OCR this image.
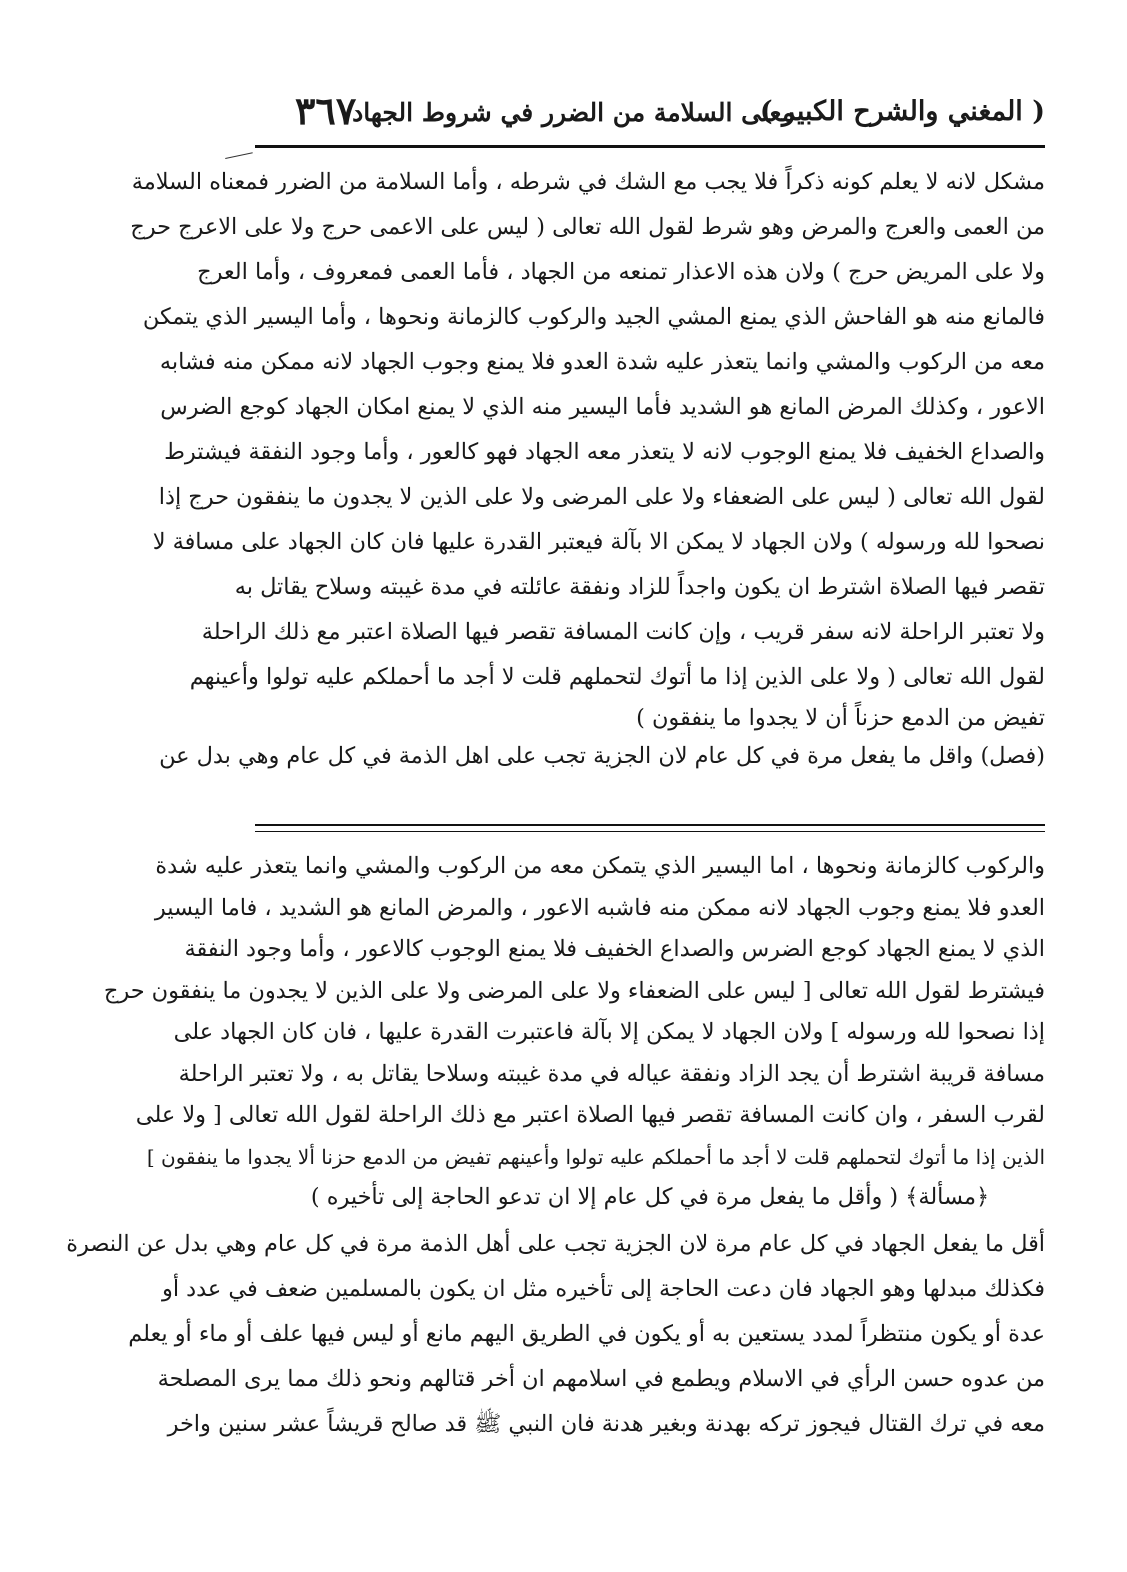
( المغني والشرح الكبير )
معنى السلامة من الضرر في شروط الجهاد
٣٦٧
مشكل لانه لا يعلم كونه ذكراً فلا يجب مع الشك في شرطه ، وأما السلامة من الضرر فمعناه السلامة
من العمى والعرج والمرض وهو شرط لقول الله تعالى ( ليس على الاعمى حرج ولا على الاعرج حرج
ولا على المريض حرج ) ولان هذه الاعذار تمنعه من الجهاد ، فأما العمى فمعروف ، وأما العرج
فالمانع منه هو الفاحش الذي يمنع المشي الجيد والركوب كالزمانة ونحوها ، وأما اليسير الذي يتمكن
معه من الركوب والمشي وانما يتعذر عليه شدة العدو فلا يمنع وجوب الجهاد لانه ممكن منه فشابه
الاعور ، وكذلك المرض المانع هو الشديد فأما اليسير منه الذي لا يمنع امكان الجهاد كوجع الضرس
والصداع الخفيف فلا يمنع الوجوب لانه لا يتعذر معه الجهاد فهو كالعور ، وأما وجود النفقة فيشترط
لقول الله تعالى ( ليس على الضعفاء ولا على المرضى ولا على الذين لا يجدون ما ينفقون حرج إذا
نصحوا لله ورسوله ) ولان الجهاد لا يمكن الا بآلة فيعتبر القدرة عليها فان كان الجهاد على مسافة لا
تقصر فيها الصلاة اشترط ان يكون واجداً للزاد ونفقة عائلته في مدة غيبته وسلاح يقاتل به
ولا تعتبر الراحلة لانه سفر قريب ، وإن كانت المسافة تقصر فيها الصلاة اعتبر مع ذلك الراحلة
لقول الله تعالى ( ولا على الذين إذا ما أتوك لتحملهم قلت لا أجد ما أحملكم عليه تولوا وأعينهم
تفيض من الدمع حزناً أن لا يجدوا ما ينفقون )
(فصل) واقل ما يفعل مرة في كل عام لان الجزية تجب على اهل الذمة في كل عام وهي بدل عن
والركوب كالزمانة ونحوها ، اما اليسير الذي يتمكن معه من الركوب والمشي وانما يتعذر عليه شدة
العدو فلا يمنع وجوب الجهاد لانه ممكن منه فاشبه الاعور ، والمرض المانع هو الشديد ، فاما اليسير
الذي لا يمنع الجهاد كوجع الضرس والصداع الخفيف فلا يمنع الوجوب كالاعور ، وأما وجود النفقة
فيشترط لقول الله تعالى [ ليس على الضعفاء ولا على المرضى ولا على الذين لا يجدون ما ينفقون حرج
إذا نصحوا لله ورسوله ] ولان الجهاد لا يمكن إلا بآلة فاعتبرت القدرة عليها ، فان كان الجهاد على
مسافة قريبة اشترط أن يجد الزاد ونفقة عياله في مدة غيبته وسلاحا يقاتل به ، ولا تعتبر الراحلة
لقرب السفر ، وان كانت المسافة تقصر فيها الصلاة اعتبر مع ذلك الراحلة لقول الله تعالى [ ولا على
الذين إذا ما أتوك لتحملهم قلت لا أجد ما أحملكم عليه تولوا وأعينهم تفيض من الدمع حزنا ألا يجدوا ما ينفقون ]
﴿مسألة﴾ ( وأقل ما يفعل مرة في كل عام إلا ان تدعو الحاجة إلى تأخيره )
أقل ما يفعل الجهاد في كل عام مرة لان الجزية تجب على أهل الذمة مرة في كل عام وهي بدل عن النصرة
فكذلك مبدلها وهو الجهاد فان دعت الحاجة إلى تأخيره مثل ان يكون بالمسلمين ضعف في عدد أو
عدة أو يكون منتظراً لمدد يستعين به أو يكون في الطريق اليهم مانع أو ليس فيها علف أو ماء أو يعلم
من عدوه حسن الرأي في الاسلام ويطمع في اسلامهم ان أخر قتالهم ونحو ذلك مما يرى المصلحة
معه في ترك القتال فيجوز تركه بهدنة وبغير هدنة فان النبي ﷺ قد صالح قريشاً عشر سنين واخر
